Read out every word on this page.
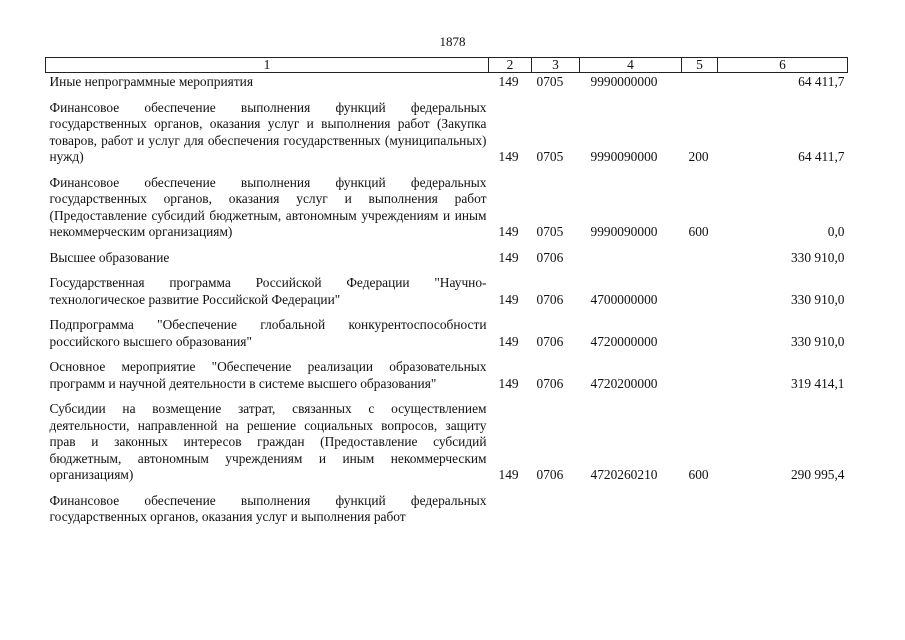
1878
1	2	3	4	5	6
Иные непрограммные мероприятия	149	0705	9990000000		64 411,7
Финансовое обеспечение выполнения функций федеральных государственных органов, оказания услуг и выполнения работ (Закупка товаров, работ и услуг для обеспечения государственных (муниципальных) нужд)	149	0705	9990090000	200	64 411,7
Финансовое обеспечение выполнения функций федеральных государственных органов, оказания услуг и выполнения работ (Предоставление субсидий бюджетным, автономным учреждениям и иным некоммерческим организациям)	149	0705	9990090000	600	0,0
Высшее образование	149	0706			330 910,0
Государственная программа Российской Федерации "Научно-технологическое развитие Российской Федерации"	149	0706	4700000000		330 910,0
Подпрограмма "Обеспечение глобальной конкурентоспособности российского высшего образования"	149	0706	4720000000		330 910,0
Основное мероприятие "Обеспечение реализации образовательных программ и научной деятельности в системе высшего образования"	149	0706	4720200000		319 414,1
Субсидии на возмещение затрат, связанных с осуществлением деятельности, направленной на решение социальных вопросов, защиту прав и законных интересов граждан (Предоставление субсидий бюджетным, автономным учреждениям и иным некоммерческим организациям)	149	0706	4720260210	600	290 995,4
Финансовое обеспечение выполнения функций федеральных государственных органов, оказания услуг и выполнения работ					
